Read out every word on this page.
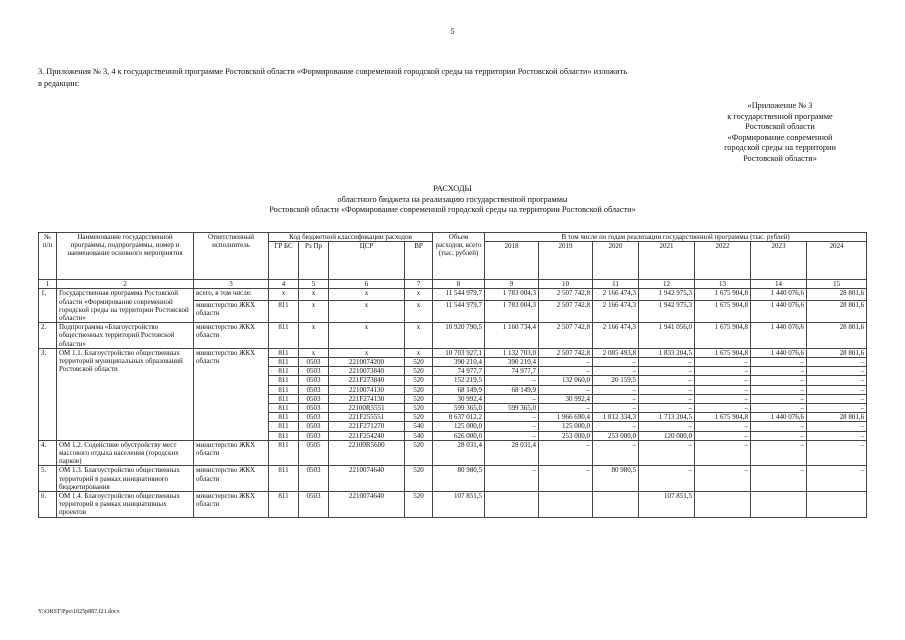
5
3. Приложения № 3, 4 к государственной программе Ростовской области «Формирование современной городской среды на территории Ростовской области» изложить
в редакции:
«Приложение № 3
к государственной программе
Ростовской области
«Формирование современной
городской среды на территории
Ростовской области»
РАСХОДЫ
областного бюджета на реализацию государственной программы
Ростовской области «Формирование современной городской среды на территории Ростовской области»
№ п/п	Наименование государственной программы, подпрограммы, номер и наименование основного мероприятия	Ответственный исполнитель	Код бюджетной классификации расходов				Объем расходов, всего (тыс. рублей)	В том числе по годам реализации государственной программы (тыс. рублей)						
			ГР БС	Рз Пр	ЦСР	ВР		2018	2019	2020	2021	2022	2023	2024
1	2	3	4	5	6	7	8	9	10	11	12	13	14	15
1.	Государственная программа Ростовской области «Формирование современной городской среды на территории Ростовской области»	всего, в том числе:	х	х	х	х	11 544 979,7	1 783 004,3	2 507 742,8	2 166 474,3	1 942 975,3	1 675 904,8	1 440 076,6	28 801,6
		министерство ЖКХ области	811	х	х	х	11 544 979,7	1 783 004,3	2 507 742,8	2 166 474,3	1 942 975,3	1 675 904,8	1 440 076,6	28 801,6
2.	Подпрограмма «Благоустройство общественных территорий Ростовской области»	министерство ЖКХ области	811	х	х	х	10 920 790,5	1 160 734,4	2 507 742,8	2 166 474,3	1 941 056,0	1 675 904,8	1 440 076,6	28 801,6
3.	ОМ 1.1. Благоустройство общественных территорий муниципальных образований Ростовской области	министерство ЖКХ области	811	х	х	х	10 703 927,1	1 132 703,0	2 507 742,8	2 085 493,8	1 833 204,5	1 675 904,8	1 440 076,6	28 801,6
			811	0503	2210074200	520	390 210,4	390 210,4	–	–	–	–	–	–
			811	0503	2210073840	520	74 977,7	74 977,7	–	–	–	–	–	–
			811	0503	221F273840	520	152 219,5	–	132 060,0	20 159,5	–	–	–	–
			811	0503	2210074130	520	68 149,9	68 149,9	–	–	–	–	–	–
			811	0503	221F274130	520	30 992,4	–	30 992,4	–	–	–	–	–
			811	0503	22100R5551	520	599 365,0	599 365,0	–	–	–	–	–	–
			811	0503	221F255551	520	8 637 012,2	–	1 966 690,4	1 812 334,3	1 713 204,5	1 675 904,8	1 440 076,6	28 801,6
			811	0503	221F271270	540	125 000,0	–	125 000,0	–	–	–	–	–
			811	0503	221F254240	540	626 000,0	–	253 000,0	253 000,0	120 000,0	–	–	–
4.	ОМ 1.2. Содействие обустройству мест массового отдыха населения (городских парков)	министерство ЖКХ области	811	0505	22100R5600	520	28 031,4	28 031,4	–	–	–	–	–	–
5.	ОМ 1.3. Благоустройство общественных территорий в рамках инициативного бюджетирования	министерство ЖКХ области	811	0503	2210074640	520	80 980,5	–	–	80 980,5	–	–	–	–
6.	ОМ 1.4. Благоустройство общественных территорий в рамках инициативных проектов	министерство ЖКХ области	811	0503	2210074640	520	107 851,5				107 851,5			
Y:\ORST\Ppo\1025p887.f21.docx
